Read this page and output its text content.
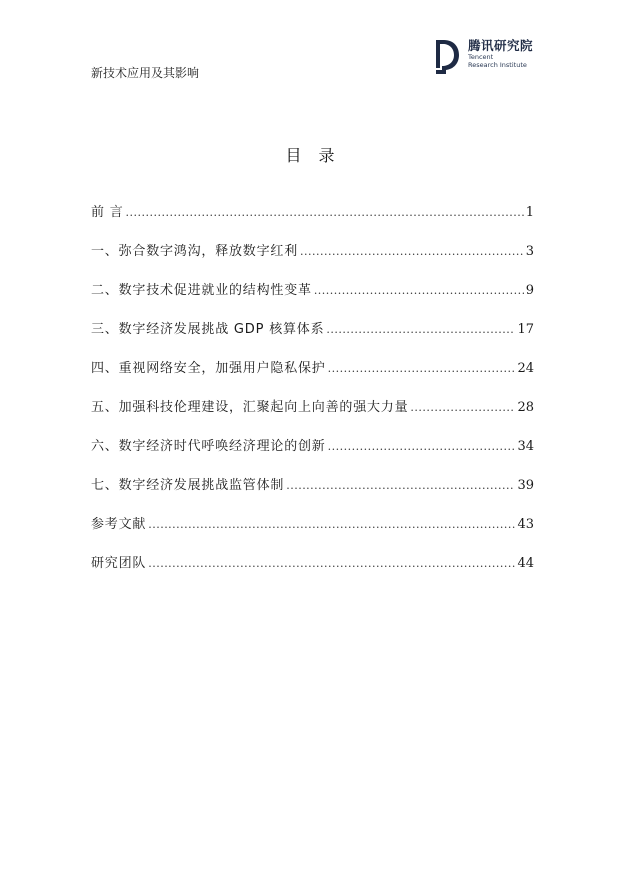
新技术应用及其影响
腾讯研究院
Tencent
Research Institute
目 录
前 言 .....	1
一、弥合数字鸿沟，释放数字红利 .....	3
二、数字技术促进就业的结构性变革 .....	9
三、数字经济发展挑战 GDP 核算体系 .....	17
四、重视网络安全，加强用户隐私保护 .....	24
五、加强科技伦理建设，汇聚起向上向善的强大力量 .....	28
六、数字经济时代呼唤经济理论的创新 .....	34
七、数字经济发展挑战监管体制 .....	39
参考文献 .....	43
研究团队 .....	44
